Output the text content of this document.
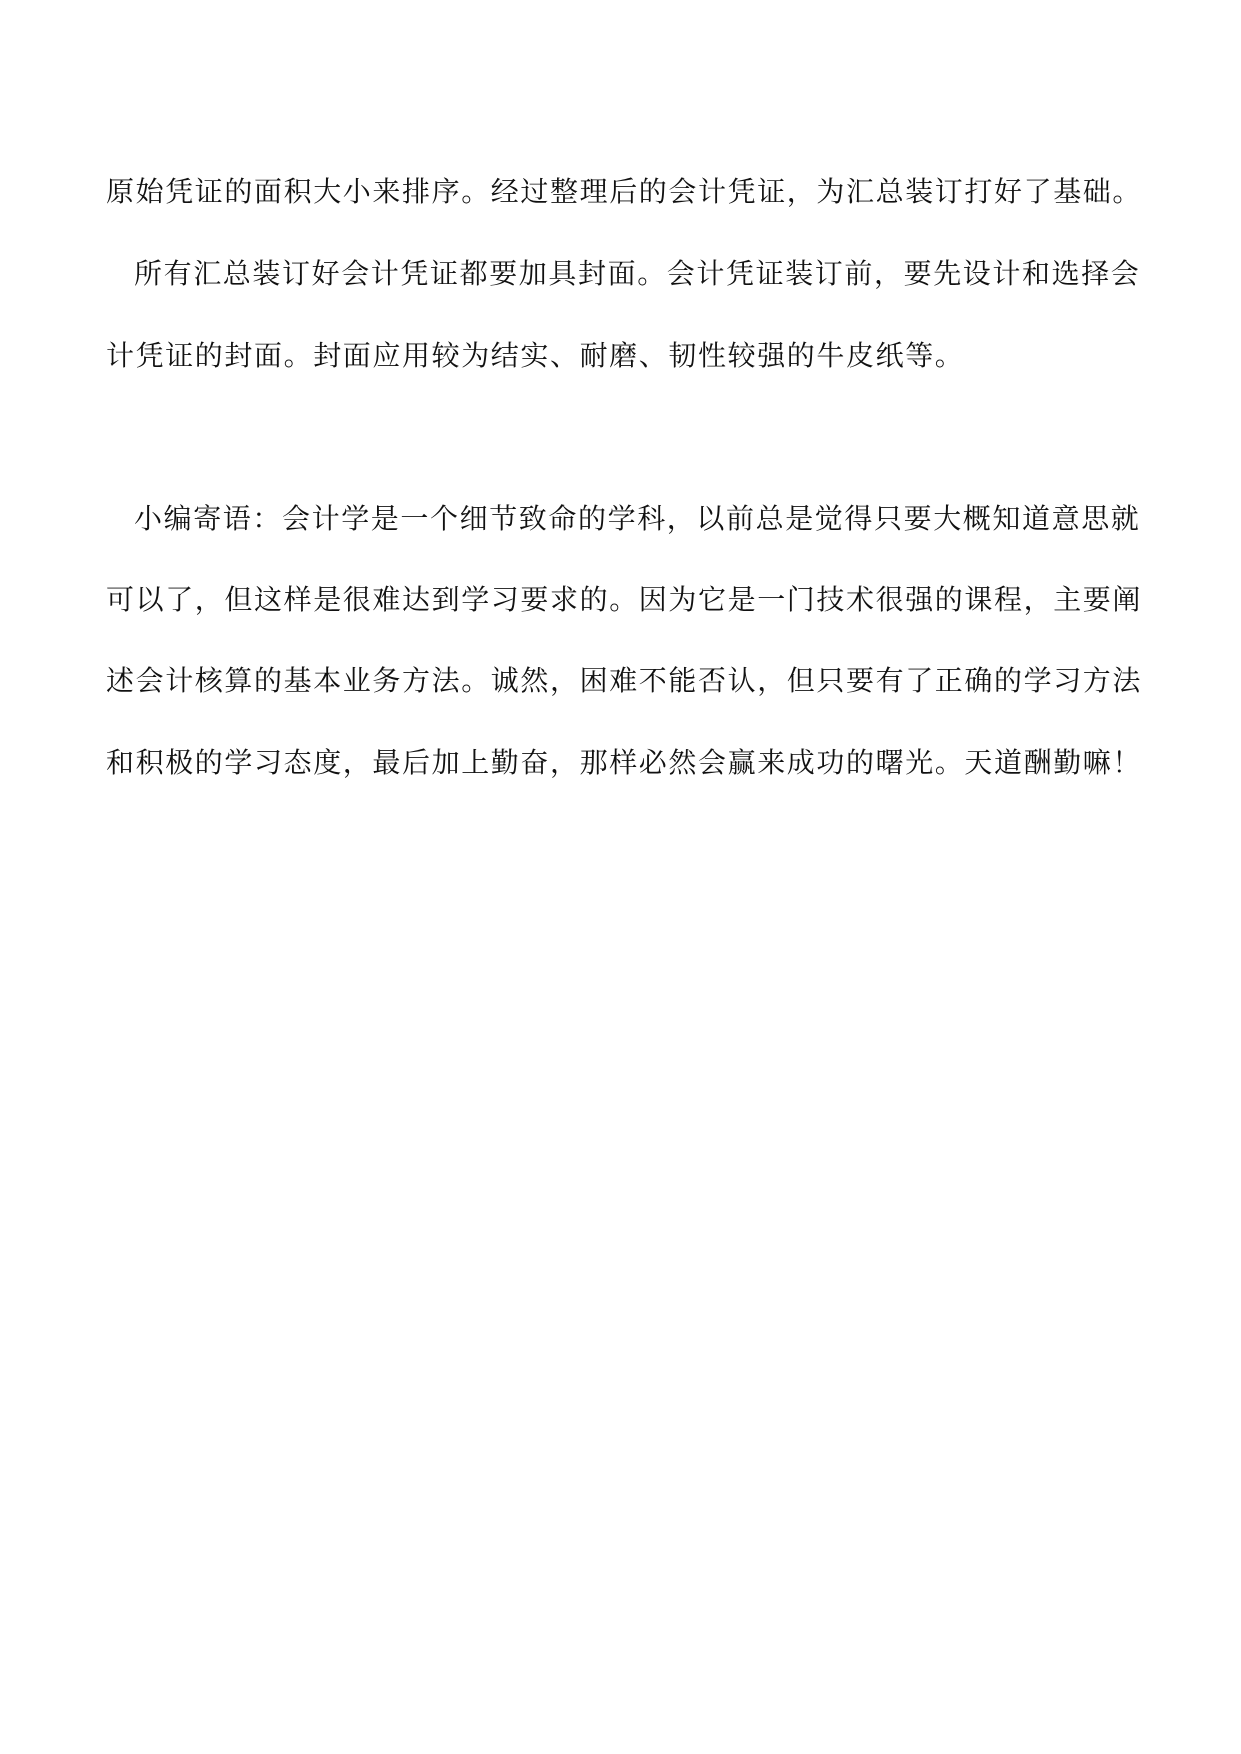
原始凭证的面积大小来排序。经过整理后的会计凭证，为汇总装订打好了基础。
所有汇总装订好会计凭证都要加具封面。会计凭证装订前，要先设计和选择会
计凭证的封面。封面应用较为结实、耐磨、韧性较强的牛皮纸等。
小编寄语：会计学是一个细节致命的学科，以前总是觉得只要大概知道意思就
可以了，但这样是很难达到学习要求的。因为它是一门技术很强的课程，主要阐
述会计核算的基本业务方法。诚然，困难不能否认，但只要有了正确的学习方法
和积极的学习态度，最后加上勤奋，那样必然会赢来成功的曙光。天道酬勤嘛！
